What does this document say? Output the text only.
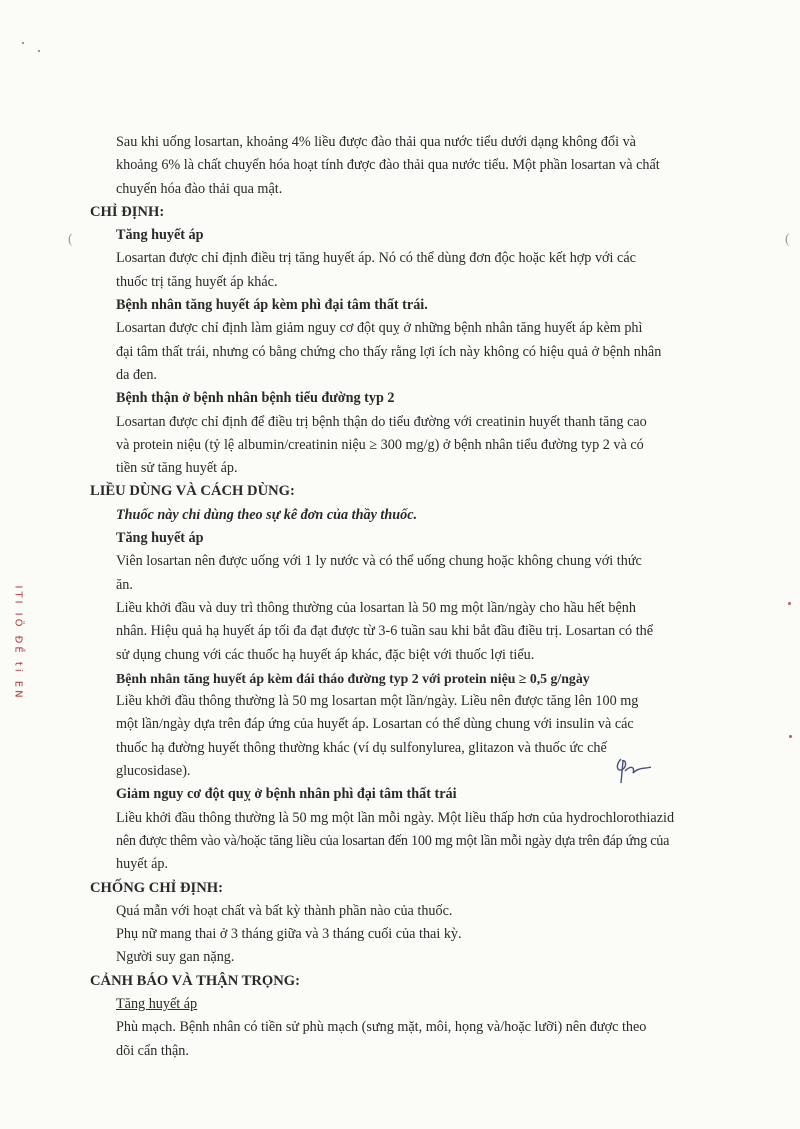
(	(
ITI IÖ ĐỀ ti EN

Sau khi uống losartan, khoảng 4% liều được đào thải qua nước tiểu dưới dạng không đổi và

khoảng 6% là chất chuyển hóa hoạt tính được đào thải qua nước tiểu. Một phần losartan và chất

chuyển hóa đào thải qua mật.

CHỈ ĐỊNH:

Tăng huyết áp

Losartan được chỉ định điều trị tăng huyết áp. Nó có thể dùng đơn độc hoặc kết hợp với các

thuốc trị tăng huyết áp khác.

Bệnh nhân tăng huyết áp kèm phì đại tâm thất trái.

Losartan được chỉ định làm giảm nguy cơ đột quỵ ở những bệnh nhân tăng huyết áp kèm phì

đại tâm thất trái, nhưng có bằng chứng cho thấy rằng lợi ích này không có hiệu quả ở bệnh nhân

da đen.

Bệnh thận ở bệnh nhân bệnh tiểu đường typ 2

Losartan được chỉ định để điều trị bệnh thận do tiểu đường với creatinin huyết thanh tăng cao

và protein niệu (tỷ lệ albumin/creatinin niệu ≥ 300 mg/g) ở bệnh nhân tiểu đường typ 2 và có

tiền sử tăng huyết áp.

LIỀU DÙNG VÀ CÁCH DÙNG:

Thuốc này chỉ dùng theo sự kê đơn của thầy thuốc.

Tăng huyết áp

Viên losartan nên được uống với 1 ly nước và có thể uống chung hoặc không chung với thức

ăn.

Liều khởi đầu và duy trì thông thường của losartan là 50 mg một lần/ngày cho hầu hết bệnh

nhân. Hiệu quả hạ huyết áp tối đa đạt được từ 3-6 tuần sau khi bắt đầu điều trị. Losartan có thể

sử dụng chung với các thuốc hạ huyết áp khác, đặc biệt với thuốc lợi tiểu.

Bệnh nhân tăng huyết áp kèm đái tháo đường typ 2 với protein niệu ≥ 0,5 g/ngày

Liều khởi đầu thông thường là 50 mg losartan một lần/ngày. Liều nên được tăng lên 100 mg

một lần/ngày dựa trên đáp ứng của huyết áp. Losartan có thể dùng chung với insulin và các

thuốc hạ đường huyết thông thường khác (ví dụ sulfonylurea, glitazon và thuốc ức chế

glucosidase).

Giảm nguy cơ đột quỵ ở bệnh nhân phì đại tâm thất trái

Liều khởi đầu thông thường là 50 mg một lần mỗi ngày. Một liều thấp hơn của hydrochlorothiazid

nên được thêm vào và/hoặc tăng liều của losartan đến 100 mg một lần mỗi ngày dựa trên đáp ứng của

huyết áp.

CHỐNG CHỈ ĐỊNH:

Quá mẫn với hoạt chất và bất kỳ thành phần nào của thuốc.

Phụ nữ mang thai ở 3 tháng giữa và 3 tháng cuối của thai kỳ.

Người suy gan nặng.

CẢNH BÁO VÀ THẬN TRỌNG:

Tăng huyết áp

Phù mạch. Bệnh nhân có tiền sử phù mạch (sưng mặt, môi, họng và/hoặc lưỡi) nên được theo

dõi cẩn thận.
